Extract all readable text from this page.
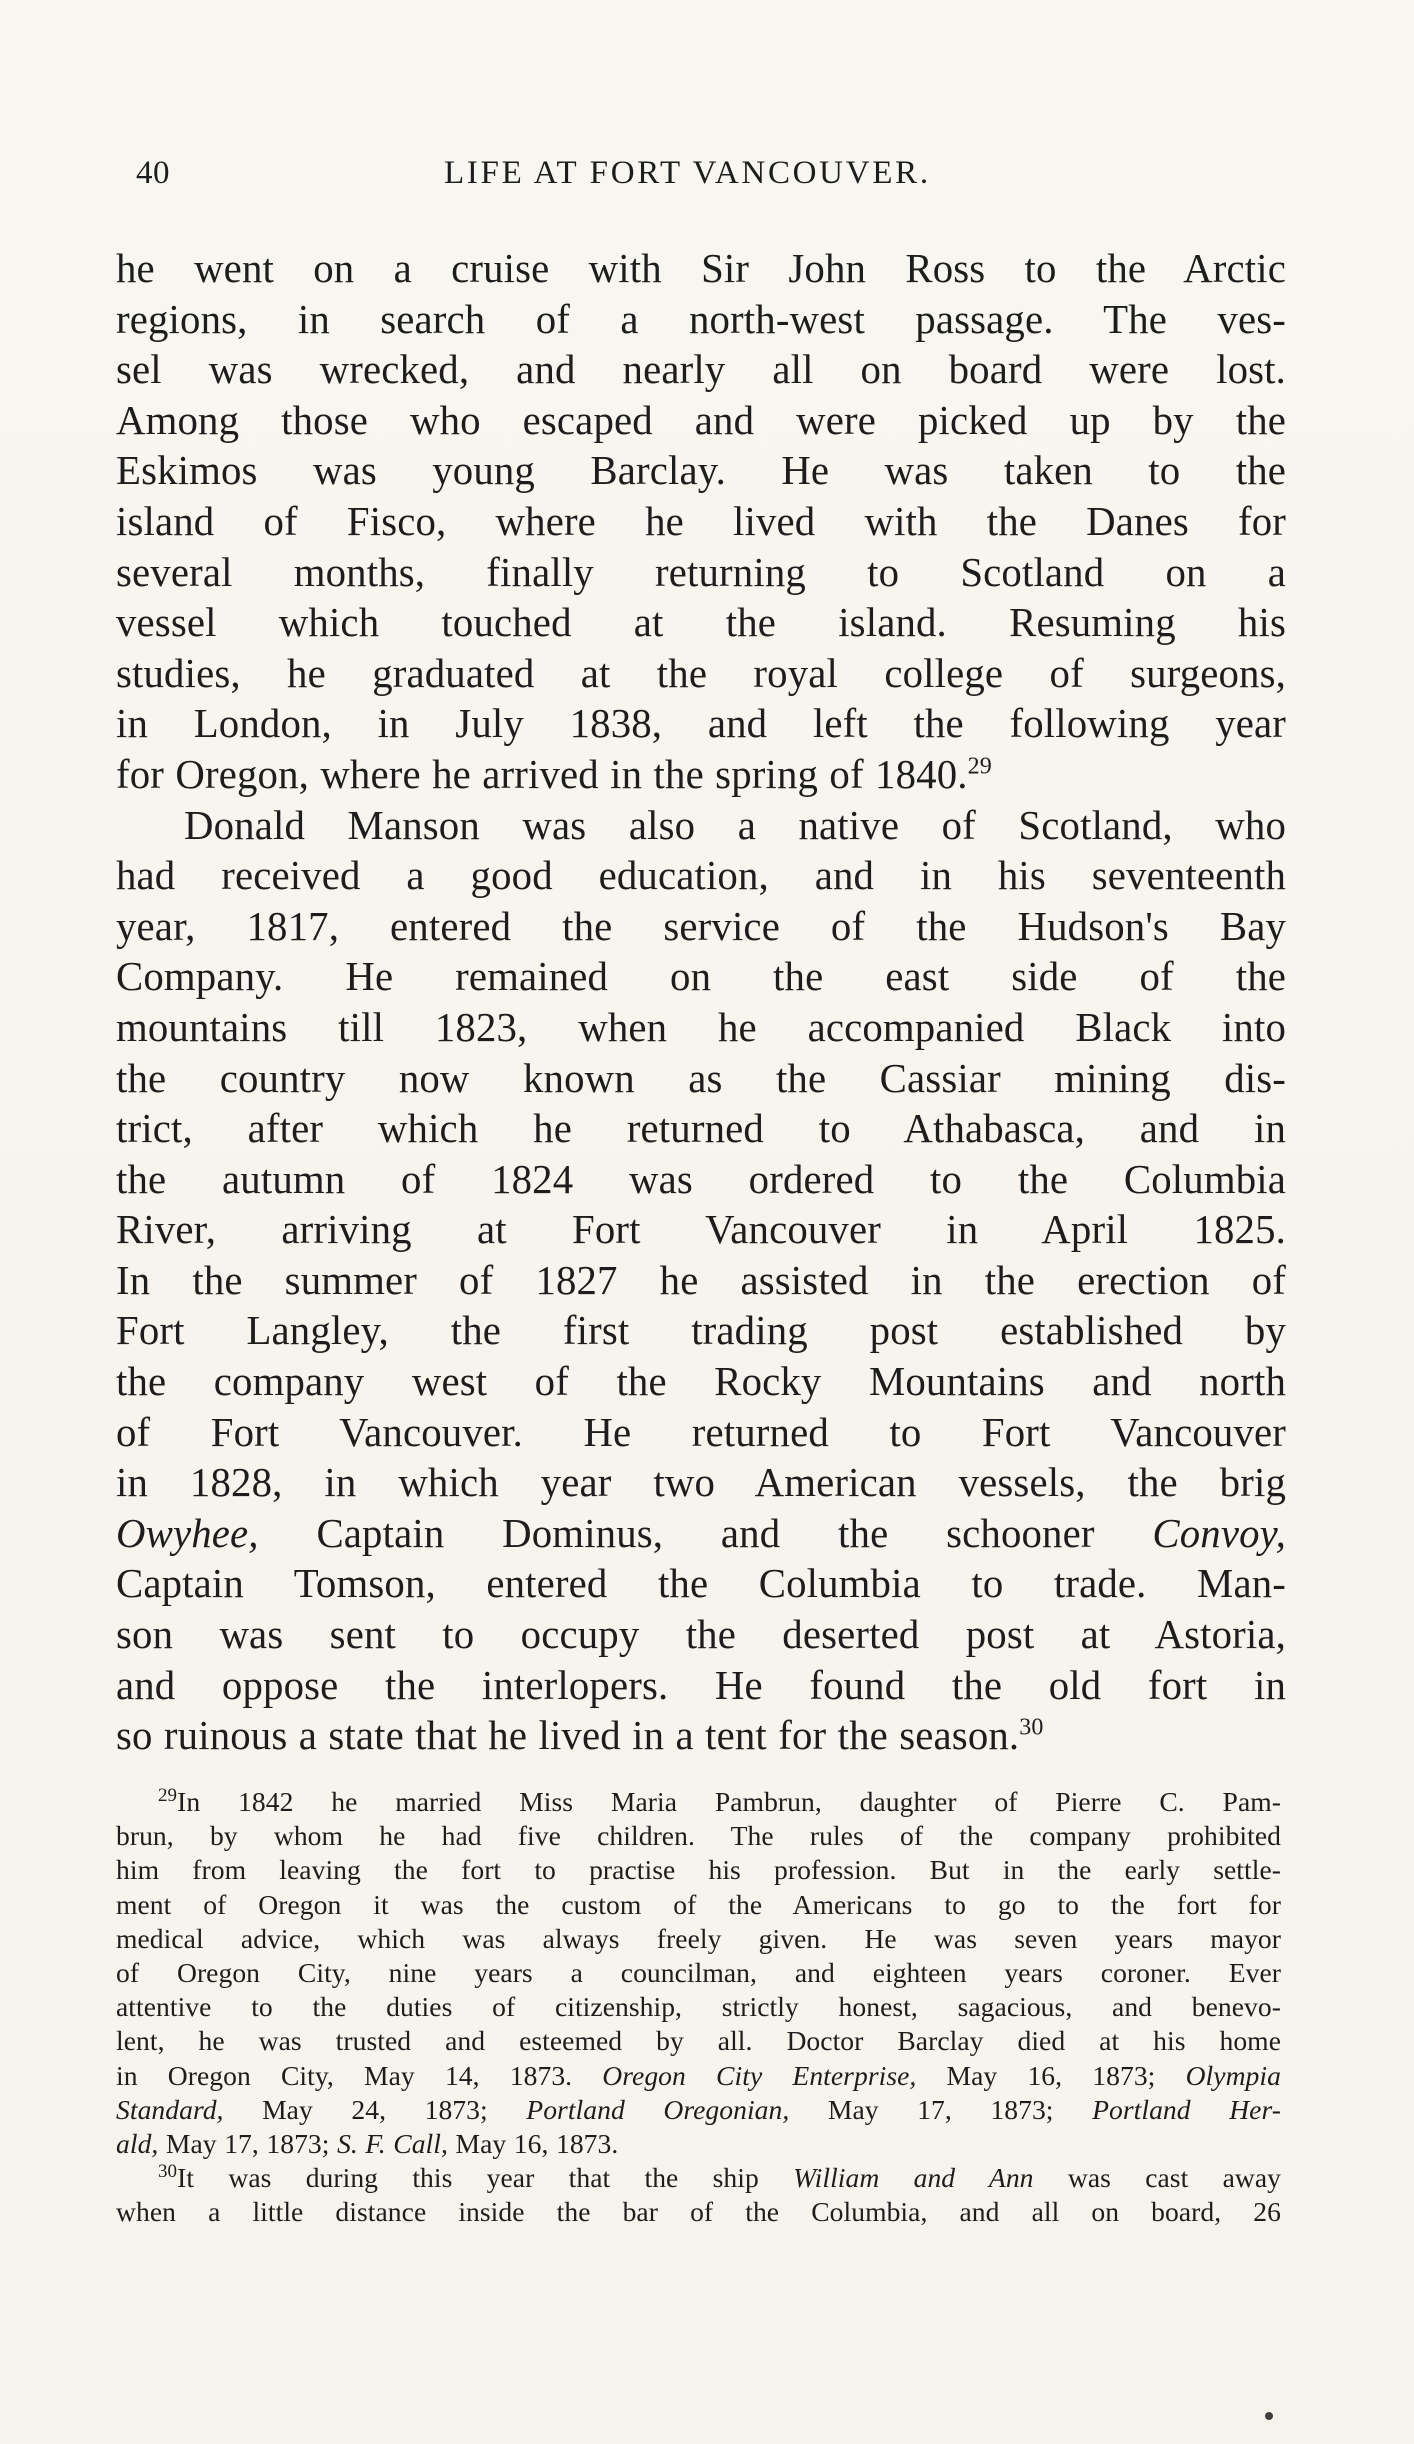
40	LIFE AT FORT VANCOUVER.
he went on a cruise with Sir John Ross to the Arctic
regions, in search of a north-west passage. The ves-
sel was wrecked, and nearly all on board were lost.
Among those who escaped and were picked up by the
Eskimos was young Barclay. He was taken to the
island of Fisco, where he lived with the Danes for
several months, finally returning to Scotland on a
vessel which touched at the island. Resuming his
studies, he graduated at the royal college of surgeons,
in London, in July 1838, and left the following year
for Oregon, where he arrived in the spring of 1840.29
Donald Manson was also a native of Scotland, who
had received a good education, and in his seventeenth
year, 1817, entered the service of the Hudson's Bay
Company. He remained on the east side of the
mountains till 1823, when he accompanied Black into
the country now known as the Cassiar mining dis-
trict, after which he returned to Athabasca, and in
the autumn of 1824 was ordered to the Columbia
River, arriving at Fort Vancouver in April 1825.
In the summer of 1827 he assisted in the erection of
Fort Langley, the first trading post established by
the company west of the Rocky Mountains and north
of Fort Vancouver. He returned to Fort Vancouver
in 1828, in which year two American vessels, the brig
Owyhee, Captain Dominus, and the schooner Convoy,
Captain Tomson, entered the Columbia to trade. Man-
son was sent to occupy the deserted post at Astoria,
and oppose the interlopers. He found the old fort in
so ruinous a state that he lived in a tent for the season.$^{30}$
$^{29}$In 1842 he married Miss Maria Pambrun, daughter of Pierre C. Pam-
brun, by whom he had five children. The rules of the company prohibited
him from leaving the fort to practise his profession. But in the early settle-
ment of Oregon it was the custom of the Americans to go to the fort for
medical advice, which was always freely given. He was seven years mayor
of Oregon City, nine years a councilman, and eighteen years coroner. Ever
attentive to the duties of citizenship, strictly honest, sagacious, and benevo-
lent, he was trusted and esteemed by all. Doctor Barclay died at his home
in Oregon City, May 14, 1873. Oregon City Enterprise, May 16, 1873; Olympia
Standard, May 24, 1873; Portland Oregonian, May 17, 1873; Portland Her-
ald, May 17, 1873; S. F. Call, May 16, 1873.
$^{30}$It was during this year that the ship William and Ann was cast away
when a little distance inside the bar of the Columbia, and all on board, 26
